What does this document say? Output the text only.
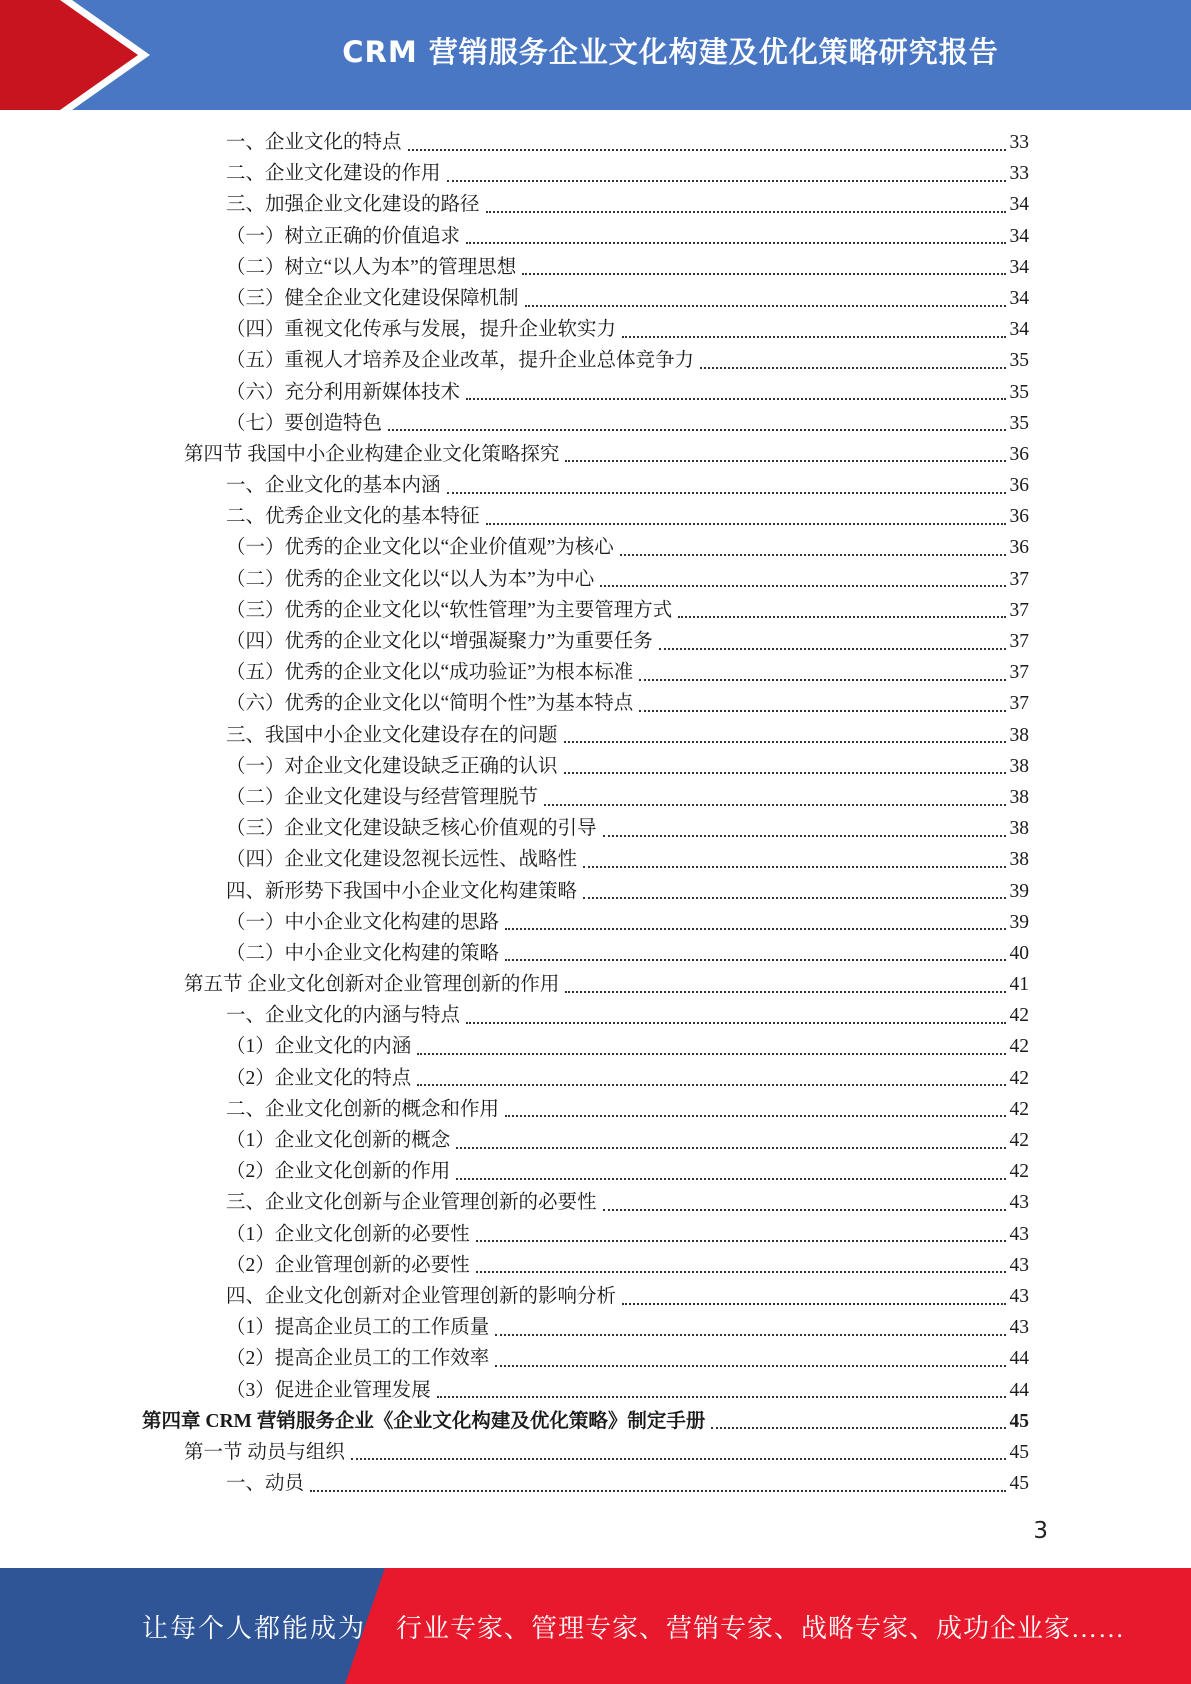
CRM 营销服务企业文化构建及优化策略研究报告
一、企业文化的特点	33
二、企业文化建设的作用	33
三、加强企业文化建设的路径	34
（一）树立正确的价值追求	34
（二）树立“以人为本”的管理思想	34
（三）健全企业文化建设保障机制	34
（四）重视文化传承与发展，提升企业软实力	34
（五）重视人才培养及企业改革，提升企业总体竞争力	35
（六）充分利用新媒体技术	35
（七）要创造特色	35
第四节 我国中小企业构建企业文化策略探究	36
一、企业文化的基本内涵	36
二、优秀企业文化的基本特征	36
（一）优秀的企业文化以“企业价值观”为核心	36
（二）优秀的企业文化以“以人为本”为中心	37
（三）优秀的企业文化以“软性管理”为主要管理方式	37
（四）优秀的企业文化以“增强凝聚力”为重要任务	37
（五）优秀的企业文化以“成功验证”为根本标准	37
（六）优秀的企业文化以“简明个性”为基本特点	37
三、我国中小企业文化建设存在的问题	38
（一）对企业文化建设缺乏正确的认识	38
（二）企业文化建设与经营管理脱节	38
（三）企业文化建设缺乏核心价值观的引导	38
（四）企业文化建设忽视长远性、战略性	38
四、新形势下我国中小企业文化构建策略	39
（一）中小企业文化构建的思路	39
（二）中小企业文化构建的策略	40
第五节 企业文化创新对企业管理创新的作用	41
一、企业文化的内涵与特点	42
（1）企业文化的内涵	42
（2）企业文化的特点	42
二、企业文化创新的概念和作用	42
（1）企业文化创新的概念	42
（2）企业文化创新的作用	42
三、企业文化创新与企业管理创新的必要性	43
（1）企业文化创新的必要性	43
（2）企业管理创新的必要性	43
四、企业文化创新对企业管理创新的影响分析	43
（1）提高企业员工的工作质量	43
（2）提高企业员工的工作效率	44
（3）促进企业管理发展	44
第四章 CRM 营销服务企业《企业文化构建及优化策略》制定手册	45
第一节 动员与组织	45
一、动员	45
3
让每个人都能成为 行业专家、管理专家、营销专家、战略专家、成功企业家……
